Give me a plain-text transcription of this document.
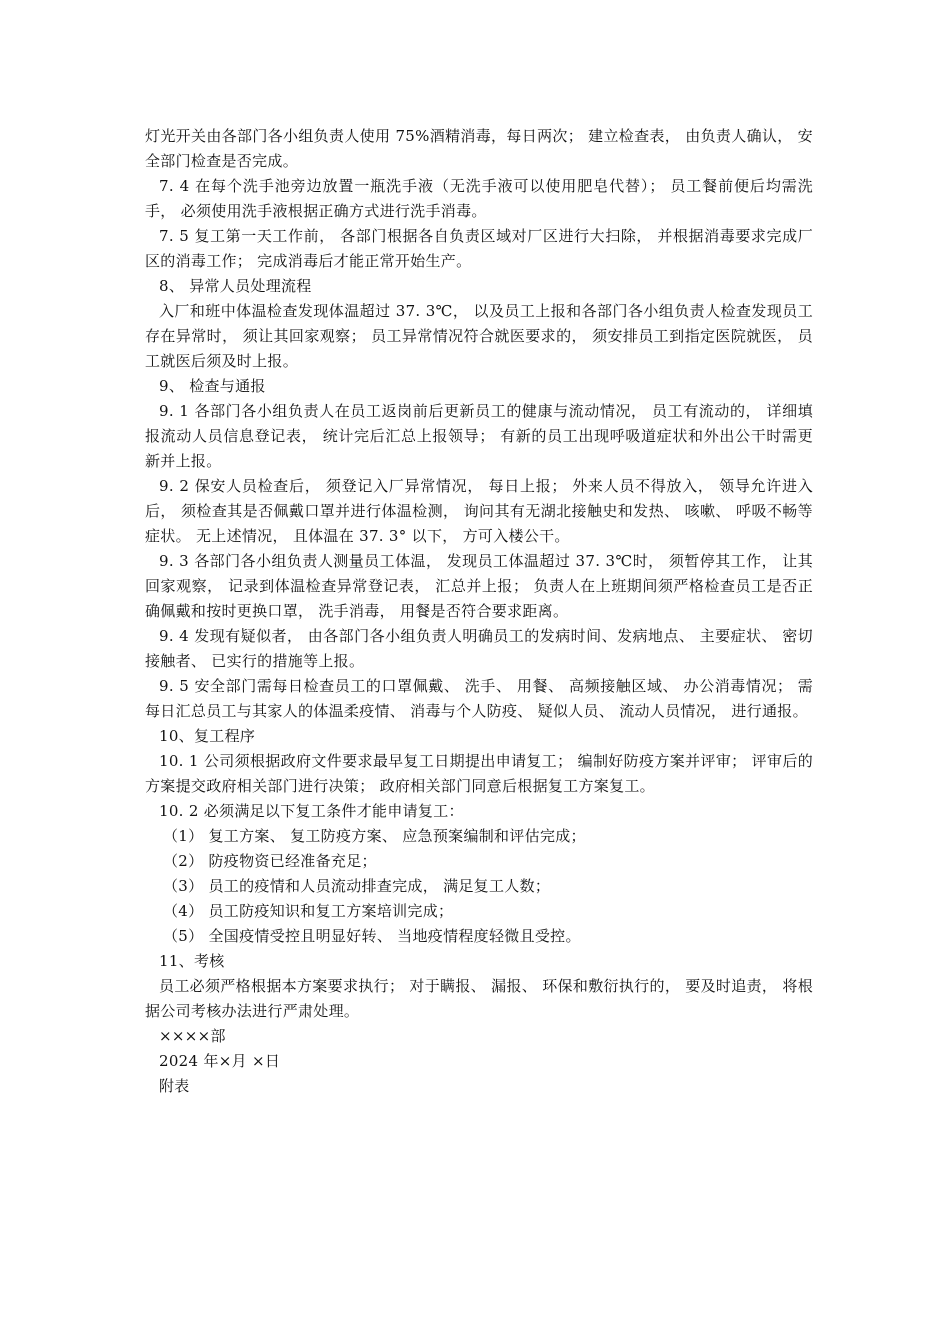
灯光开关由各部门各小组负责人使用 75%酒精消毒，每日两次； 建立检查表， 由负责人确认， 安全部门检查是否完成。

7. 4 在每个洗手池旁边放置一瓶洗手液（无洗手液可以使用肥皂代替）； 员工餐前便后均需洗手， 必须使用洗手液根据正确方式进行洗手消毒。

7. 5 复工第一天工作前， 各部门根据各自负责区域对厂区进行大扫除， 并根据消毒要求完成厂区的消毒工作； 完成消毒后才能正常开始生产。

8、 异常人员处理流程

入厂和班中体温检查发现体温超过 37. 3℃， 以及员工上报和各部门各小组负责人检查发现员工存在异常时， 须让其回家观察； 员工异常情况符合就医要求的， 须安排员工到指定医院就医， 员工就医后须及时上报。

9、 检查与通报

9. 1 各部门各小组负责人在员工返岗前后更新员工的健康与流动情况， 员工有流动的， 详细填报流动人员信息登记表， 统计完后汇总上报领导； 有新的员工出现呼吸道症状和外出公干时需更新并上报。

9. 2 保安人员检查后， 须登记入厂异常情况， 每日上报； 外来人员不得放入， 领导允许进入后， 须检查其是否佩戴口罩并进行体温检测， 询问其有无湖北接触史和发热、 咳嗽、 呼吸不畅等症状。 无上述情况， 且体温在 37. 3° 以下， 方可入楼公干。

9. 3 各部门各小组负责人测量员工体温， 发现员工体温超过 37. 3℃时， 须暂停其工作， 让其回家观察， 记录到体温检查异常登记表， 汇总并上报； 负责人在上班期间须严格检查员工是否正确佩戴和按时更换口罩， 洗手消毒， 用餐是否符合要求距离。

9. 4 发现有疑似者， 由各部门各小组负责人明确员工的发病时间、发病地点、 主要症状、 密切接触者、 已实行的措施等上报。

9. 5 安全部门需每日检查员工的口罩佩戴、 洗手、 用餐、 高频接触区域、 办公消毒情况； 需每日汇总员工与其家人的体温柔疫情、 消毒与个人防疫、 疑似人员、 流动人员情况， 进行通报。

10、复工程序

10. 1 公司须根据政府文件要求最早复工日期提出申请复工； 编制好防疫方案并评审； 评审后的方案提交政府相关部门进行决策； 政府相关部门同意后根据复工方案复工。

10. 2 必须满足以下复工条件才能申请复工：

（1） 复工方案、 复工防疫方案、 应急预案编制和评估完成；

（2） 防疫物资已经准备充足；

（3） 员工的疫情和人员流动排查完成， 满足复工人数；

（4） 员工防疫知识和复工方案培训完成；

（5） 全国疫情受控且明显好转、 当地疫情程度轻微且受控。

11、考核

员工必须严格根据本方案要求执行； 对于瞒报、 漏报、 环保和敷衍执行的， 要及时追责， 将根据公司考核办法进行严肃处理。

××××部

2024 年×月 ×日

附表
